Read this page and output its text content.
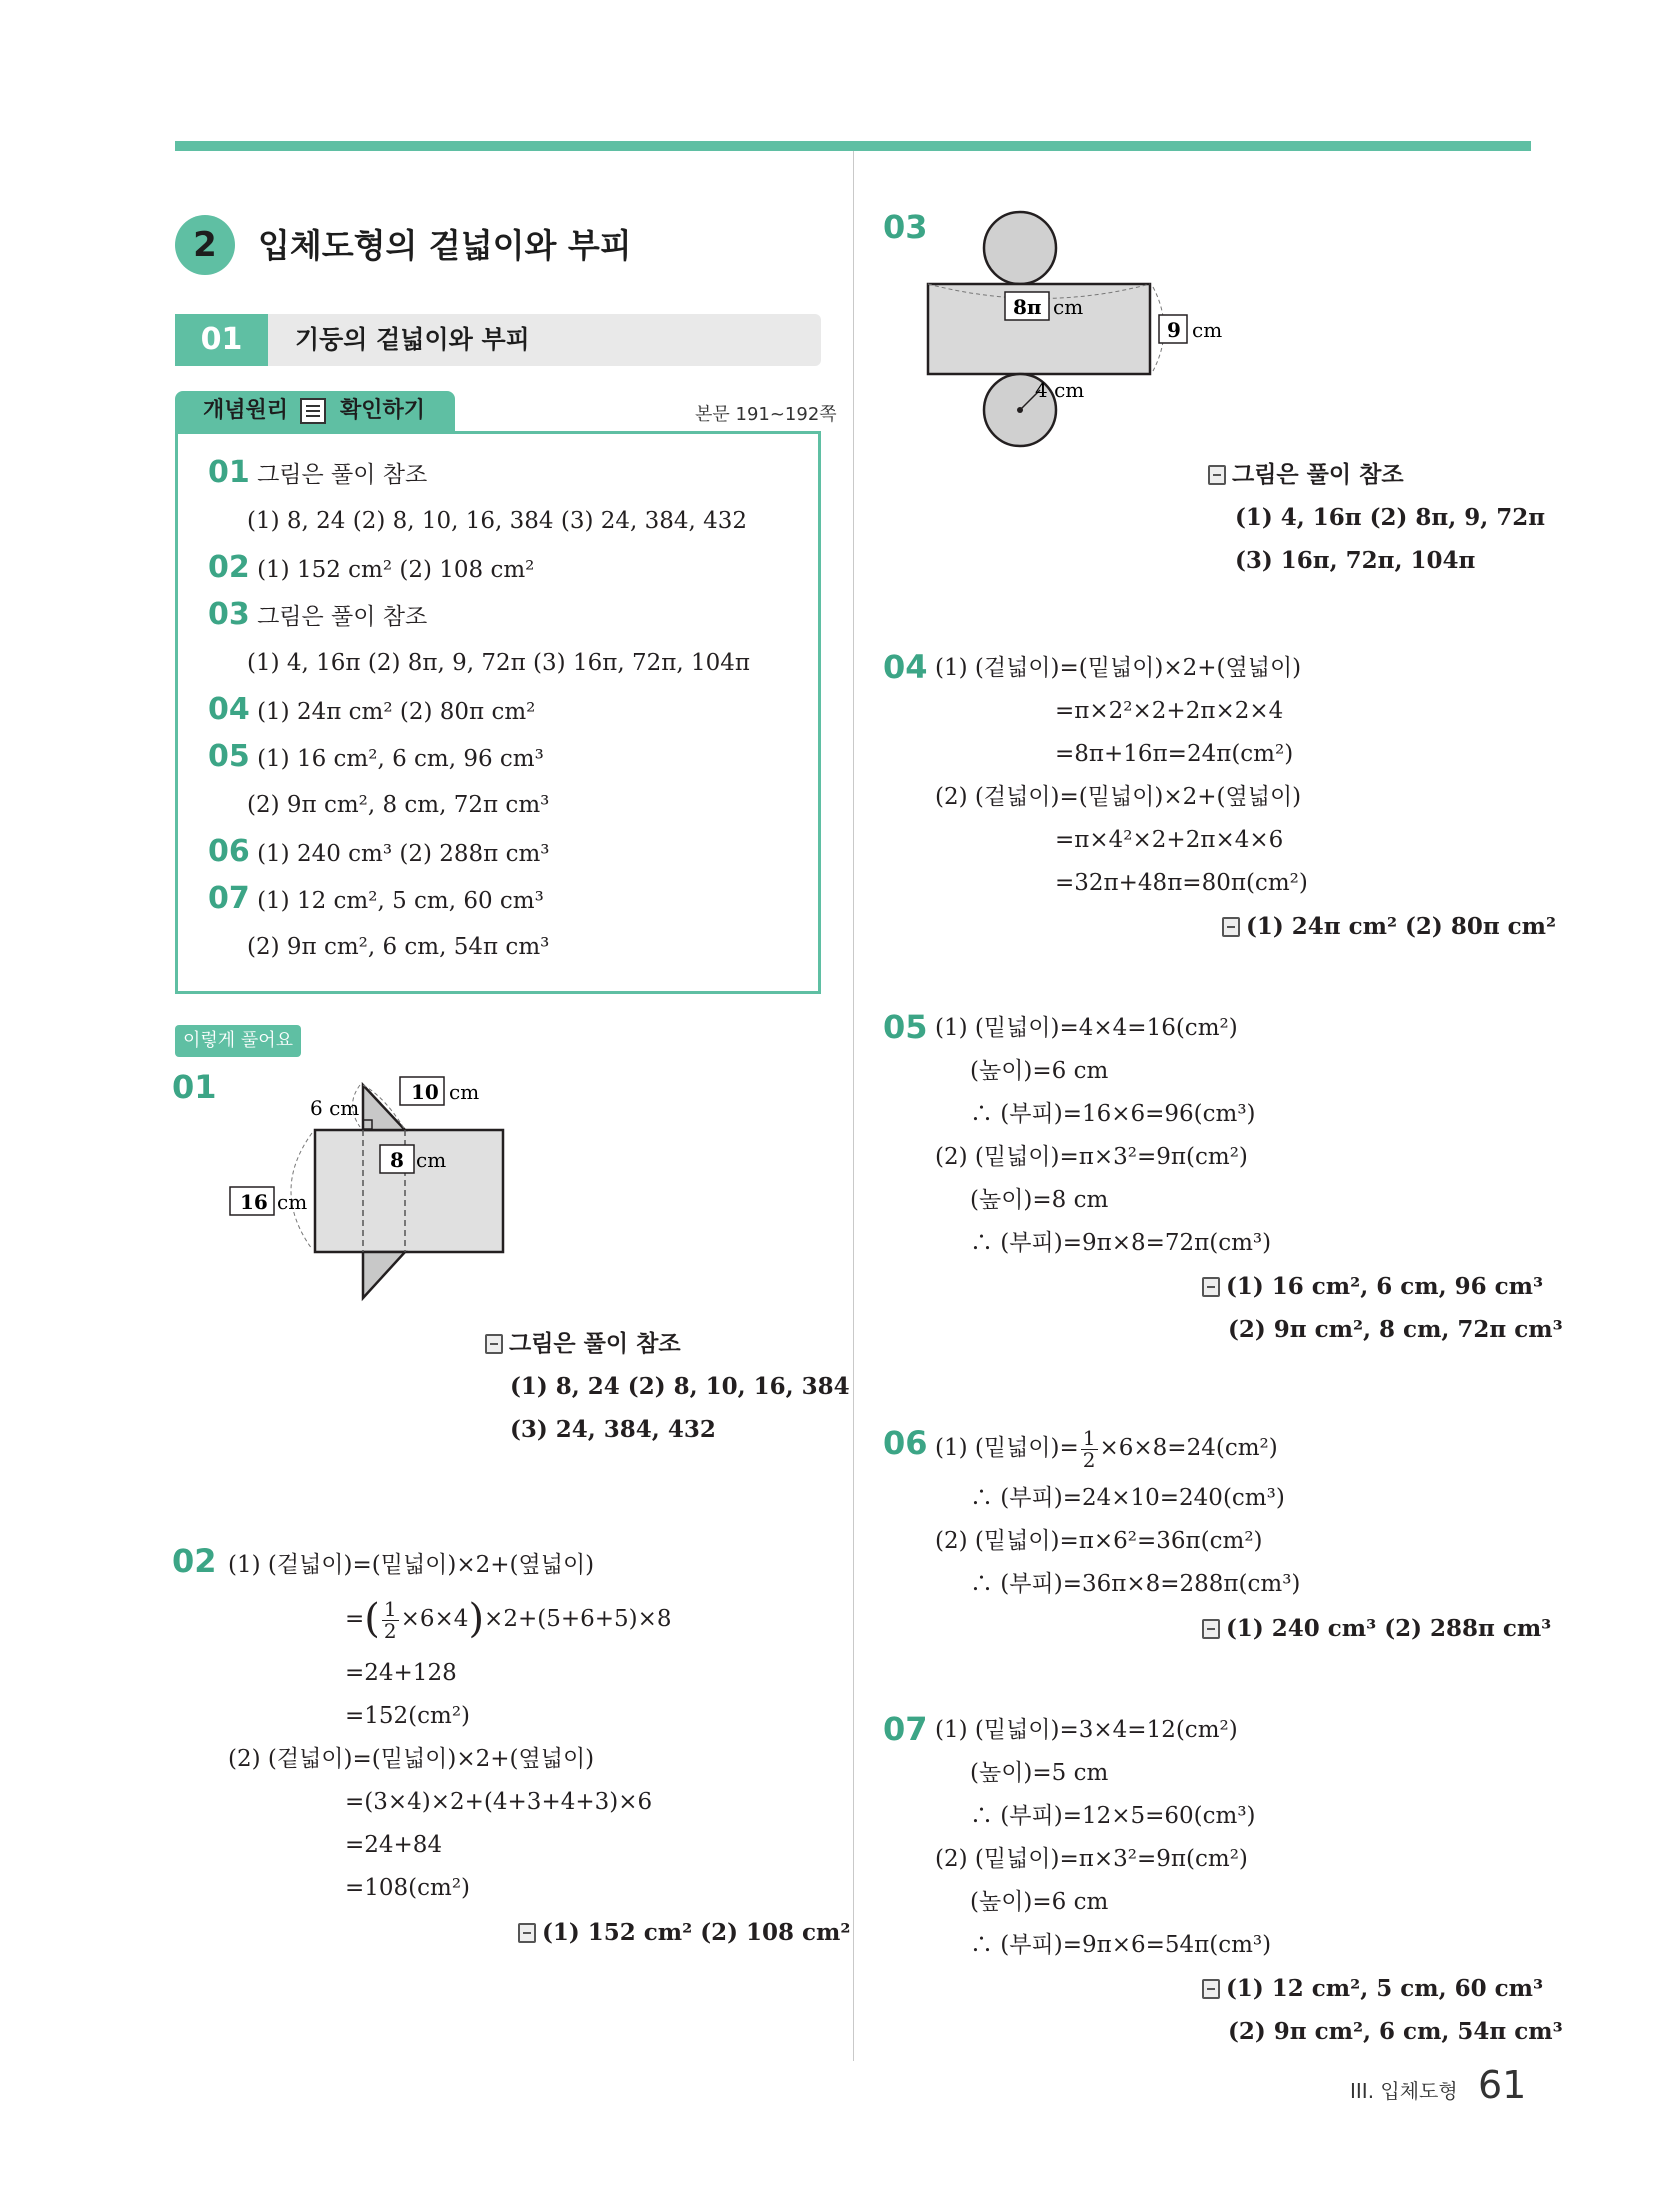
2	입체도형의 겉넓이와 부피
01	기둥의 겉넓이와 부피
개념원리 확인하기	본문 191~192쪽
01 그림은 풀이 참조
(1) 8, 24 (2) 8, 10, 16, 384 (3) 24, 384, 432
02 (1) 152 cm² (2) 108 cm²
03 그림은 풀이 참조
(1) 4, 16π (2) 8π, 9, 72π (3) 16π, 72π, 104π
04 (1) 24π cm² (2) 80π cm²
05 (1) 16 cm², 6 cm, 96 cm³
(2) 9π cm², 8 cm, 72π cm³
06 (1) 240 cm³ (2) 288π cm³
07 (1) 12 cm², 5 cm, 60 cm³
(2) 9π cm², 6 cm, 54π cm³
이렇게 풀어요
01
6 cm
10 cm
8 cm
16 cm
그림은 풀이 참조
(1) 8, 24 (2) 8, 10, 16, 384
(3) 24, 384, 432
02 (1) (겉넓이)=(밑넓이)×2+(옆넓이)
=( $\frac{1}{2} \times 6\times 4)\times 2+(5+6+5)\times 8$
=24+128
=152(cm²)
(2) (겉넓이)=(밑넓이)×2+(옆넓이)
=(3×4)×2+(4+3+4+3)×6
=24+84
=108(cm²)
(1) 152 cm² (2) 108 cm²
03
8π cm
9 cm
4 cm
그림은 풀이 참조
(1) 4, 16π (2) 8π, 9, 72π
(3) 16π, 72π, 104π
04 (1) (겉넓이)=(밑넓이)×2+(옆넓이)
=π×2²×2+2π×2×4
=8π+16π=24π(cm²)
(2) (겉넓이)=(밑넓이)×2+(옆넓이)
=π×4²×2+2π×4×6
=32π+48π=80π(cm²)
(1) 24π cm² (2) 80π cm²
05 (1) (밑넓이)=4×4=16(cm²)
(높이)=6 cm
∴ (부피)=16×6=96(cm³)
(2) (밑넓이)=π×3²=9π(cm²)
(높이)=8 cm
∴ (부피)=9π×8=72π(cm³)
(1) 16 cm², 6 cm, 96 cm³
(2) 9π cm², 8 cm, 72π cm³
06 (1) (밑넓이)= $\frac{1}{2} \times 6\times 8=24(cm^2)$
∴ (부피)=24×10=240(cm³)
(2) (밑넓이)=π×6²=36π(cm²)
∴ (부피)=36π×8=288π(cm³)
(1) 240 cm³ (2) 288π cm³
07 (1) (밑넓이)=3×4=12(cm²)
(높이)=5 cm
∴ (부피)=12×5=60(cm³)
(2) (밑넓이)=π×3²=9π(cm²)
(높이)=6 cm
∴ (부피)=9π×6=54π(cm³)
(1) 12 cm², 5 cm, 60 cm³
(2) 9π cm², 6 cm, 54π cm³
III. 입체도형 61
